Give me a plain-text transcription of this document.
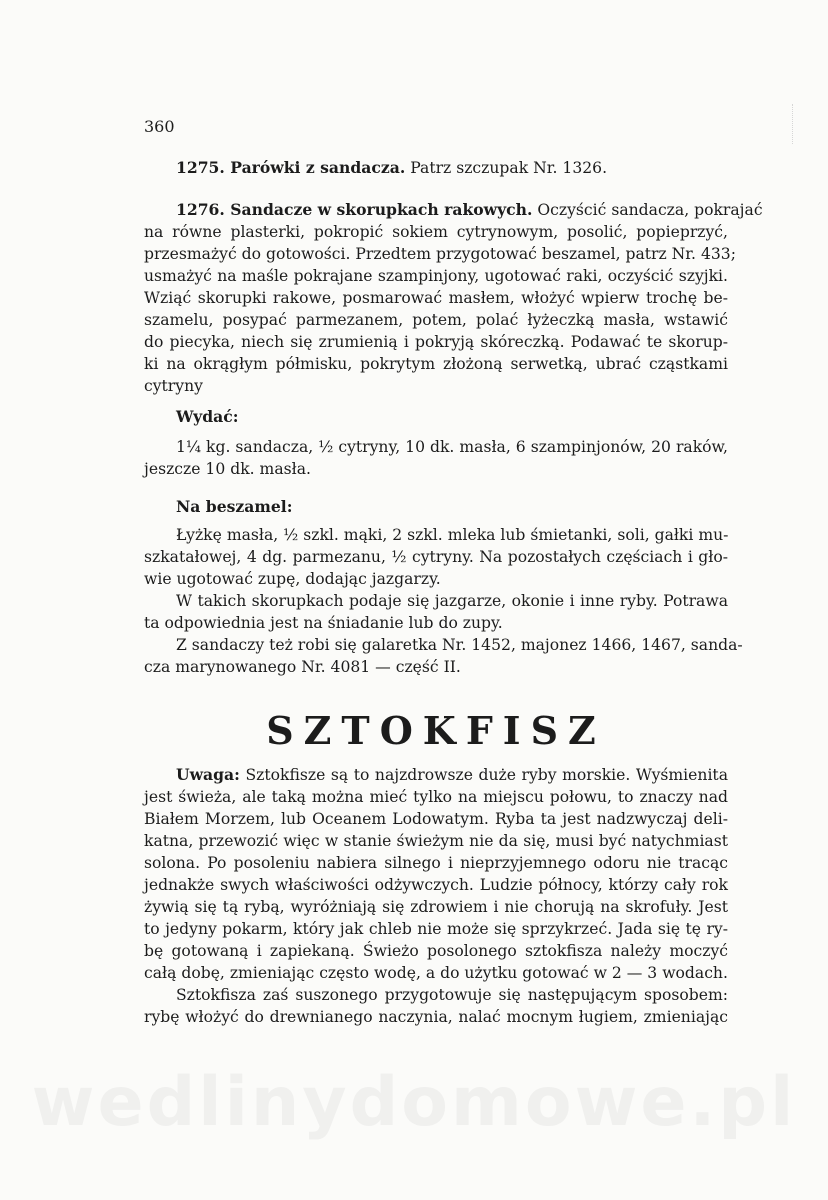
360
1275. Parówki z sandacza. Patrz szczupak Nr. 1326.
1276. Sandacze w skorupkach rakowych. Oczyścić sandacza, pokrajać
na równe plasterki, pokropić sokiem cytrynowym, posolić, popieprzyć,
przesmażyć do gotowości. Przedtem przygotować beszamel, patrz Nr. 433;
usmażyć na maśle pokrajane szampinjony, ugotować raki, oczyścić szyjki.
Wziąć skorupki rakowe, posmarować masłem, włożyć wpierw trochę be-
szamelu, posypać parmezanem, potem, polać łyżeczką masła, wstawić
do piecyka, niech się zrumienią i pokryją skóreczką. Podawać te skorup-
ki na okrągłym półmisku, pokrytym złożoną serwetką, ubrać cząstkami
cytryny
Wydać:
1¼ kg. sandacza, ½ cytryny, 10 dk. masła, 6 szampinjonów, 20 raków,
jeszcze 10 dk. masła.
Na beszamel:
Łyżkę masła, ½ szkl. mąki, 2 szkl. mleka lub śmietanki, soli, gałki mu-
szkatałowej, 4 dg. parmezanu, ½ cytryny. Na pozostałych częściach i gło-
wie ugotować zupę, dodając jazgarzy.
W takich skorupkach podaje się jazgarze, okonie i inne ryby. Potrawa
ta odpowiednia jest na śniadanie lub do zupy.
Z sandaczy też robi się galaretka Nr. 1452, majonez 1466, 1467, sanda-
cza marynowanego Nr. 4081 — część II.
SZTOKFISZ
Uwaga: Sztokfisze są to najzdrowsze duże ryby morskie. Wyśmienita
jest świeża, ale taką można mieć tylko na miejscu połowu, to znaczy nad
Białem Morzem, lub Oceanem Lodowatym. Ryba ta jest nadzwyczaj deli-
katna, przewozić więc w stanie świeżym nie da się, musi być natychmiast
solona. Po posoleniu nabiera silnego i nieprzyjemnego odoru nie tracąc
jednakże swych właściwości odżywczych. Ludzie północy, którzy cały rok
żywią się tą rybą, wyróżniają się zdrowiem i nie chorują na skrofuły. Jest
to jedyny pokarm, który jak chleb nie może się sprzykrzeć. Jada się tę ry-
bę gotowaną i zapiekaną. Świeżo posolonego sztokfisza należy moczyć
całą dobę, zmieniając często wodę, a do użytku gotować w 2 — 3 wodach.
Sztokfisza zaś suszonego przygotowuje się następującym sposobem:
rybę włożyć do drewnianego naczynia, nalać mocnym ługiem, zmieniając
wedlinydomowe.pl
